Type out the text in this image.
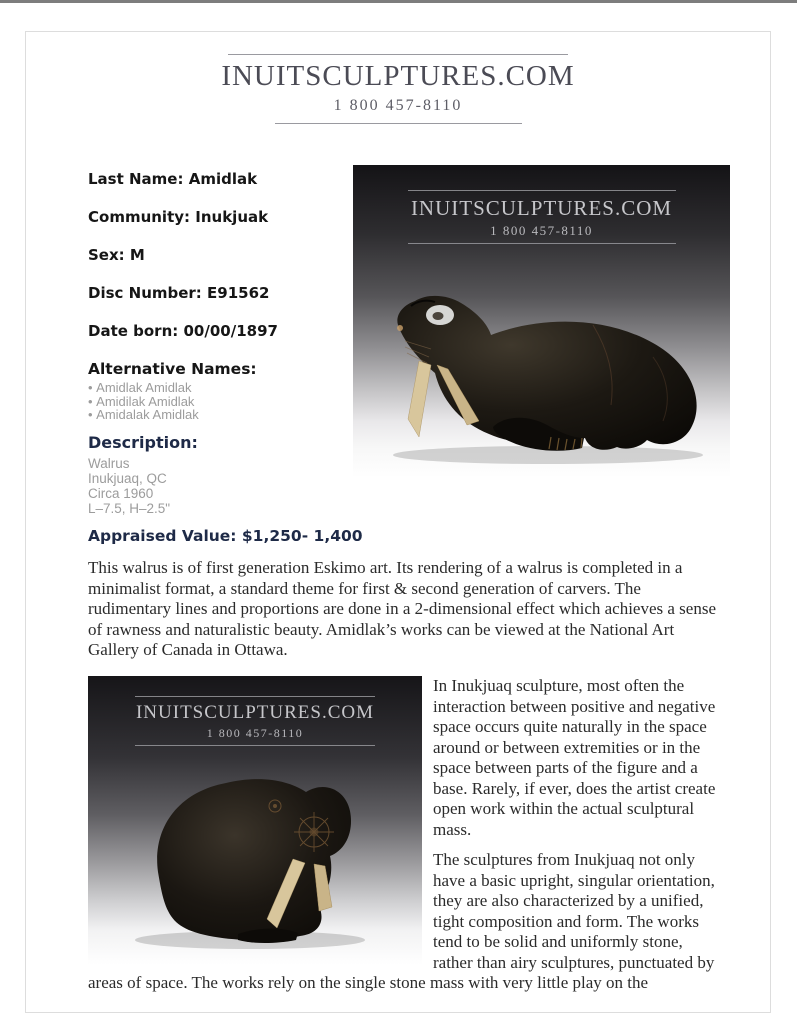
INUITSCULPTURES.COM
1 800 457-8110

Last Name: Amidlak

Community: Inukjuak

Sex: M

Disc Number: E91562

Date born: 00/00/1897

Alternative Names:

• Amidlak Amidlak
• Amidilak Amidlak
• Amidalak Amidlak

Description:

Walrus

Inukjuaq, QC

Circa 1960

L–7.5, H–2.5"

INUITSCULPTURES.COM
1 800 457-8110

Appraised Value: $1,250- 1,400

This walrus is of first generation Eskimo art. Its rendering of a walrus is completed in a minimalist format, a standard theme for first & second generation of carvers. The rudimentary lines and proportions are done in a 2-dimensional effect which achieves a sense of rawness and naturalistic beauty. Amidlak’s works can be viewed at the National Art Gallery of Canada in Ottawa.

INUITSCULPTURES.COM
1 800 457-8110

In Inukjuaq sculpture, most often the interaction between positive and negative space occurs quite naturally in the space around or between extremities or in the space between parts of the figure and a base. Rarely, if ever, does the artist create open work within the actual sculptural mass.

The sculptures from Inukjuaq not only have a basic upright, singular orientation, they are also characterized by a unified, tight composition and form. The works tend to be solid and uniformly stone, rather than airy sculptures, punctuated by areas of space. The works rely on the single stone mass with very little play on the
